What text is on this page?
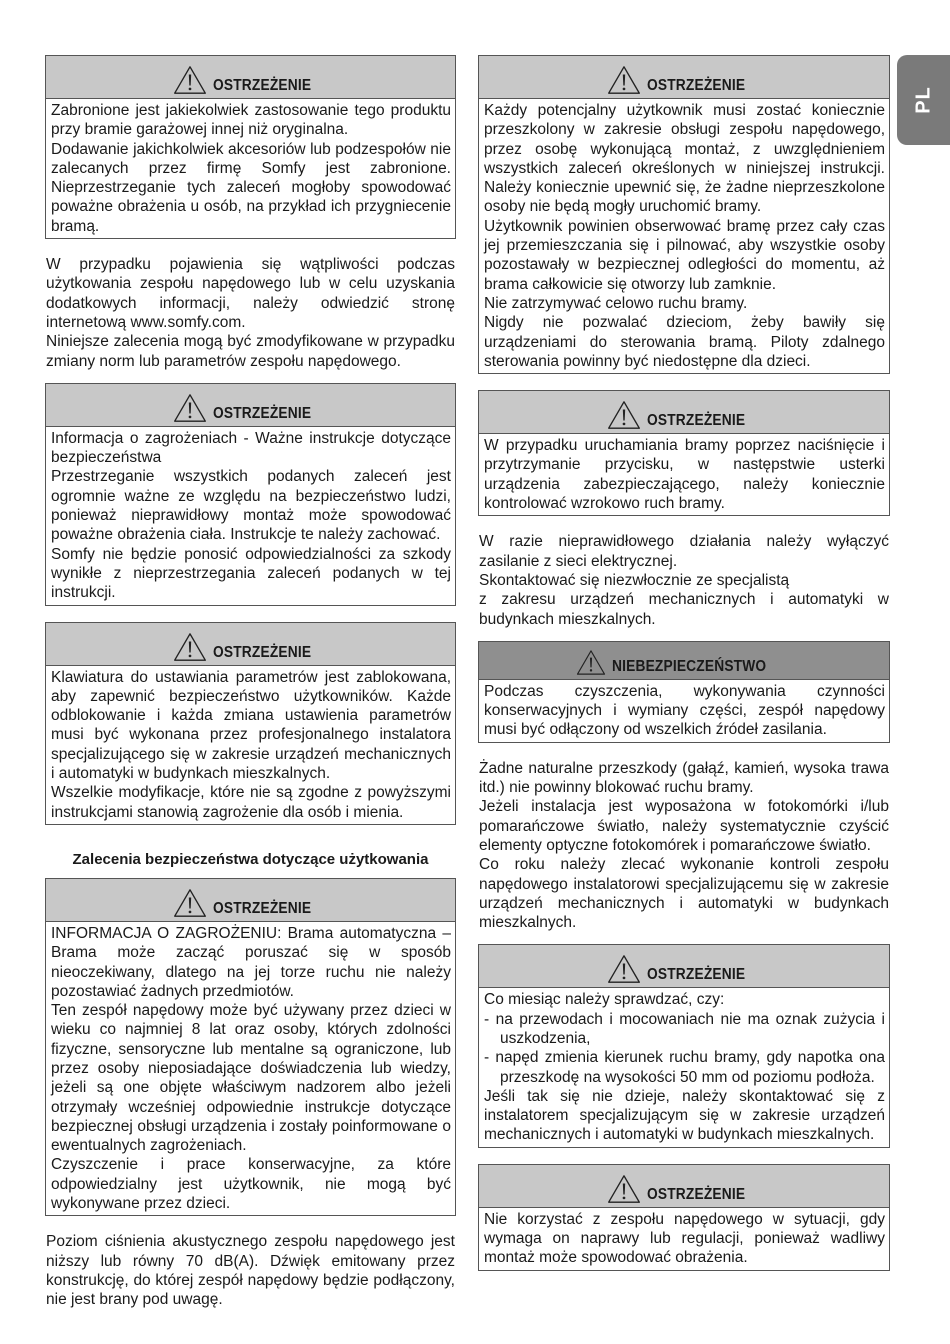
PL
OSTRZEŻENIE

Zabronione jest jakiekolwiek zastosowanie tego produktu przy bramie garażowej innej niż oryginalna.

Dodawanie jakichkolwiek akcesoriów lub podzespołów nie zalecanych przez firmę Somfy jest zabronione. Nieprzestrzeganie tych zaleceń mogłoby spowodować poważne obrażenia u osób, na przykład ich przygniecenie bramą.

W przypadku pojawienia się wątpliwości podczas użytkowania zespołu napędowego lub w celu uzyskania dodatkowych informacji, należy odwiedzić stronę internetową www.somfy.com.

Niniejsze zalecenia mogą być zmodyfikowane w przypadku zmiany norm lub parametrów zespołu napędowego.

OSTRZEŻENIE

Informacja o zagrożeniach - Ważne instrukcje dotyczące bezpieczeństwa

Przestrzeganie wszystkich podanych zaleceń jest ogromnie ważne ze względu na bezpieczeństwo ludzi, ponieważ nieprawidłowy montaż może spowodować poważne obrażenia ciała. Instrukcje te należy zachować.

Somfy nie będzie ponosić odpowiedzialności za szkody wynikłe z nieprzestrzegania zaleceń podanych w tej instrukcji.

OSTRZEŻENIE

Klawiatura do ustawiania parametrów jest zablokowana, aby zapewnić bezpieczeństwo użytkowników. Każde odblokowanie i każda zmiana ustawienia parametrów musi być wykonana przez profesjonalnego instalatora specjalizującego się w zakresie urządzeń mechanicznych i automatyki w budynkach mieszkalnych.

Wszelkie modyfikacje, które nie są zgodne z powyższymi instrukcjami stanowią zagrożenie dla osób i mienia.

Zalecenia bezpieczeństwa dotyczące użytkowania
OSTRZEŻENIE

INFORMACJA O ZAGROŻENIU: Brama automatyczna – Brama może zacząć poruszać się w sposób nieoczekiwany, dlatego na jej torze ruchu nie należy pozostawiać żadnych przedmiotów.

Ten zespół napędowy może być używany przez dzieci w wieku co najmniej 8 lat oraz osoby, których zdolności fizyczne, sensoryczne lub mentalne są ograniczone, lub przez osoby nieposiadające doświadczenia lub wiedzy, jeżeli są one objęte właściwym nadzorem albo jeżeli otrzymały wcześniej odpowiednie instrukcje dotyczące bezpiecznej obsługi urządzenia i zostały poinformowane o ewentualnych zagrożeniach.

Czyszczenie i prace konserwacyjne, za które odpowiedzialny jest użytkownik, nie mogą być wykonywane przez dzieci.

Poziom ciśnienia akustycznego zespołu napędowego jest niższy lub równy 70 dB(A). Dźwięk emitowany przez konstrukcję, do której zespół napędowy będzie podłączony, nie jest brany pod uwagę.

OSTRZEŻENIE

Każdy potencjalny użytkownik musi zostać koniecznie przeszkolony w zakresie obsługi zespołu napędowego, przez osobę wykonującą montaż, z uwzględnieniem wszystkich zaleceń określonych w niniejszej instrukcji. Należy koniecznie upewnić się, że żadne nieprzeszkolone osoby nie będą mogły uruchomić bramy.

Użytkownik powinien obserwować bramę przez cały czas jej przemieszczania się i pilnować, aby wszystkie osoby pozostawały w bezpiecznej odległości do momentu, aż brama całkowicie się otworzy lub zamknie.

Nie zatrzymywać celowo ruchu bramy.

Nigdy nie pozwalać dzieciom, żeby bawiły się urządzeniami do sterowania bramą. Piloty zdalnego sterowania powinny być niedostępne dla dzieci.

OSTRZEŻENIE

W przypadku uruchamiania bramy poprzez naciśnięcie i przytrzymanie przycisku, w następstwie usterki urządzenia zabezpieczającego, należy koniecznie kontrolować wzrokowo ruch bramy.

W razie nieprawidłowego działania należy wyłączyć zasilanie z sieci elektrycznej.

Skontaktować się niezwłocznie ze specjalistą

z zakresu urządzeń mechanicznych i automatyki w budynkach mieszkalnych.

NIEBEZPIECZEŃSTWO

Podczas czyszczenia, wykonywania czynności konserwacyjnych i wymiany części, zespół napędowy musi być odłączony od wszelkich źródeł zasilania.

Żadne naturalne przeszkody (gałąź, kamień, wysoka trawa itd.) nie powinny blokować ruchu bramy.

Jeżeli instalacja jest wyposażona w fotokomórki i/lub pomarańczowe światło, należy systematycznie czyścić elementy optyczne fotokomórek i pomarańczowe światło.

Co roku należy zlecać wykonanie kontroli zespołu napędowego instalatorowi specjalizującemu się w zakresie urządzeń mechanicznych i automatyki w budynkach mieszkalnych.

OSTRZEŻENIE

Co miesiąc należy sprawdzać, czy:

- na przewodach i mocowaniach nie ma oznak zużycia i uszkodzenia,
- napęd zmienia kierunek ruchu bramy, gdy napotka ona przeszkodę na wysokości 50 mm od poziomu podłoża.

Jeśli tak się nie dzieje, należy skontaktować się z instalatorem specjalizującym się w zakresie urządzeń mechanicznych i automatyki w budynkach mieszkalnych.

OSTRZEŻENIE

Nie korzystać z zespołu napędowego w sytuacji, gdy wymaga on naprawy lub regulacji, ponieważ wadliwy montaż może spowodować obrażenia.
